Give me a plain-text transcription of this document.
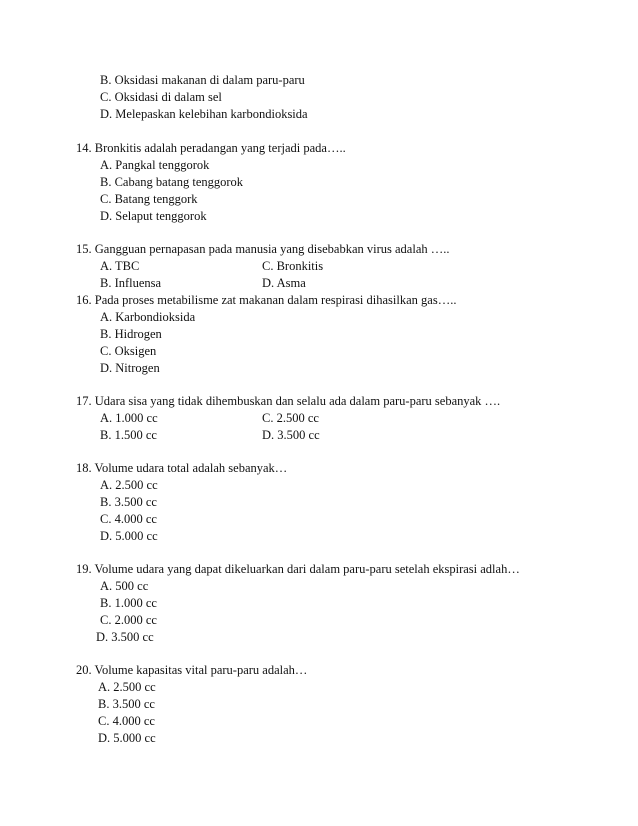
B. Oksidasi makanan di dalam paru-paru
C. Oksidasi di dalam sel
D. Melepaskan kelebihan karbondioksida
14. Bronkitis adalah peradangan yang terjadi pada…..
A. Pangkal tenggorok
B. Cabang batang tenggorok
C. Batang tenggork
D. Selaput tenggorok
15. Gangguan pernapasan pada manusia yang disebabkan virus adalah …..
A. TBC	C. Bronkitis
B. Influensa	D. Asma
16. Pada proses metabilisme zat makanan dalam respirasi dihasilkan gas…..
A. Karbondioksida
B. Hidrogen
C. Oksigen
D. Nitrogen
17. Udara sisa yang tidak dihembuskan dan selalu ada dalam paru-paru sebanyak ….
A. 1.000 cc	C. 2.500 cc
B. 1.500 cc	D. 3.500 cc
18. Volume udara total adalah sebanyak…
A. 2.500 cc
B. 3.500 cc
C. 4.000 cc
D. 5.000 cc
19. Volume udara yang dapat dikeluarkan dari dalam paru-paru setelah ekspirasi adlah…
A. 500 cc
B. 1.000 cc
C. 2.000 cc
D. 3.500 cc
20. Volume kapasitas vital paru-paru adalah…
A. 2.500 cc
B. 3.500 cc
C. 4.000 cc
D. 5.000 cc
